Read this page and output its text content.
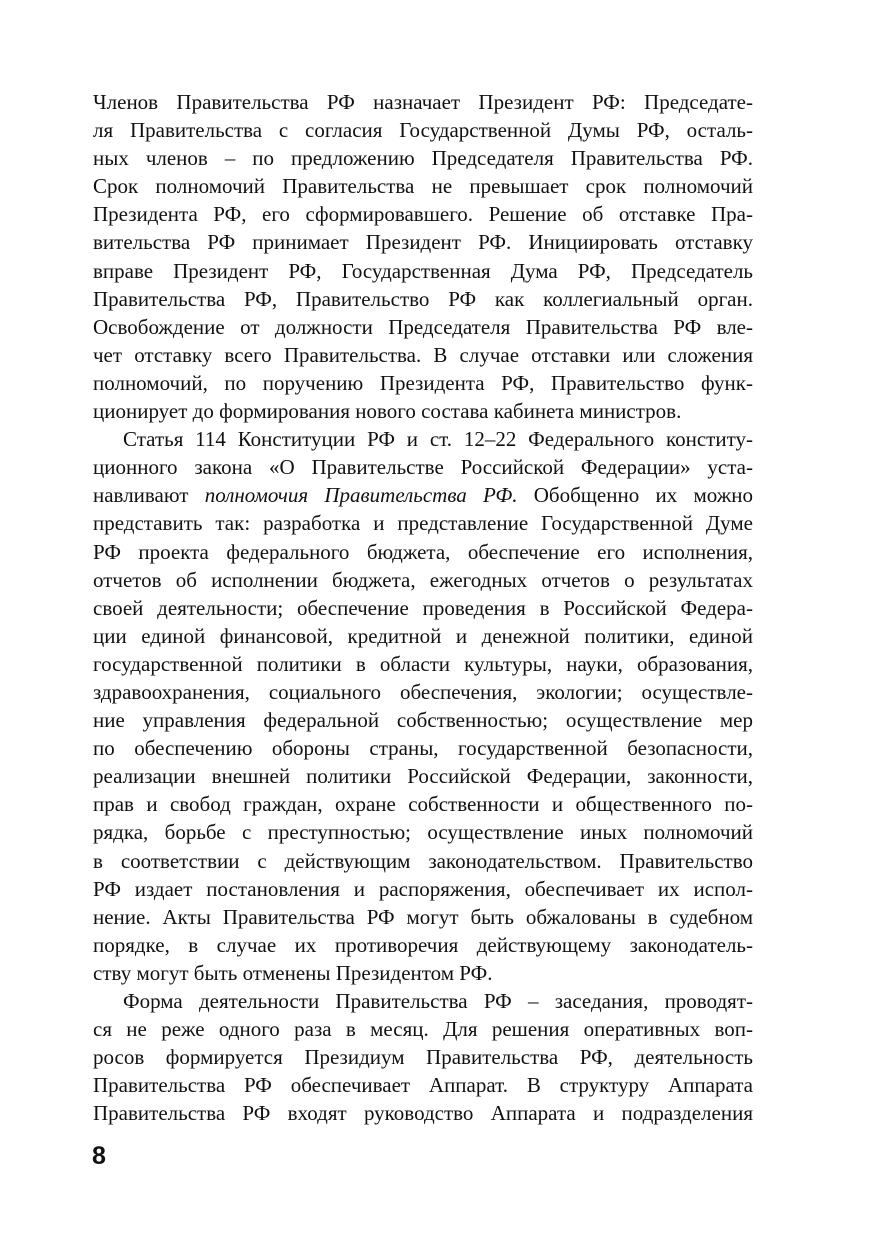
Членов Правительства РФ назначает Президент РФ: Председате-
ля Правительства с согласия Государственной Думы РФ, осталь-
ных членов – по предложению Председателя Правительства РФ.
Срок полномочий Правительства не превышает срок полномочий
Президента РФ, его сформировавшего. Решение об отставке Пра-
вительства РФ принимает Президент РФ. Инициировать отставку
вправе Президент РФ, Государственная Дума РФ, Председатель
Правительства РФ, Правительство РФ как коллегиальный орган.
Освобождение от должности Председателя Правительства РФ вле-
чет отставку всего Правительства. В случае отставки или сложения
полномочий, по поручению Президента РФ, Правительство функ-
ционирует до формирования нового состава кабинета министров.
Статья 114 Конституции РФ и ст. 12–22 Федерального конститу-
ционного закона «О Правительстве Российской Федерации» уста-
навливают полномочия Правительства РФ. Обобщенно их можно
представить так: разработка и представление Государственной Думе
РФ проекта федерального бюджета, обеспечение его исполнения,
отчетов об исполнении бюджета, ежегодных отчетов о результатах
своей деятельности; обеспечение проведения в Российской Федера-
ции единой финансовой, кредитной и денежной политики, единой
государственной политики в области культуры, науки, образования,
здравоохранения, социального обеспечения, экологии; осуществле-
ние управления федеральной собственностью; осуществление мер
по обеспечению обороны страны, государственной безопасности,
реализации внешней политики Российской Федерации, законности,
прав и свобод граждан, охране собственности и общественного по-
рядка, борьбе с преступностью; осуществление иных полномочий
в соответствии с действующим законодательством. Правительство
РФ издает постановления и распоряжения, обеспечивает их испол-
нение. Акты Правительства РФ могут быть обжалованы в судебном
порядке, в случае их противоречия действующему законодатель-
ству могут быть отменены Президентом РФ.
Форма деятельности Правительства РФ – заседания, проводят-
ся не реже одного раза в месяц. Для решения оперативных воп-
росов формируется Президиум Правительства РФ, деятельность
Правительства РФ обеспечивает Аппарат. В структуру Аппарата
Правительства РФ входят руководство Аппарата и подразделения
8
